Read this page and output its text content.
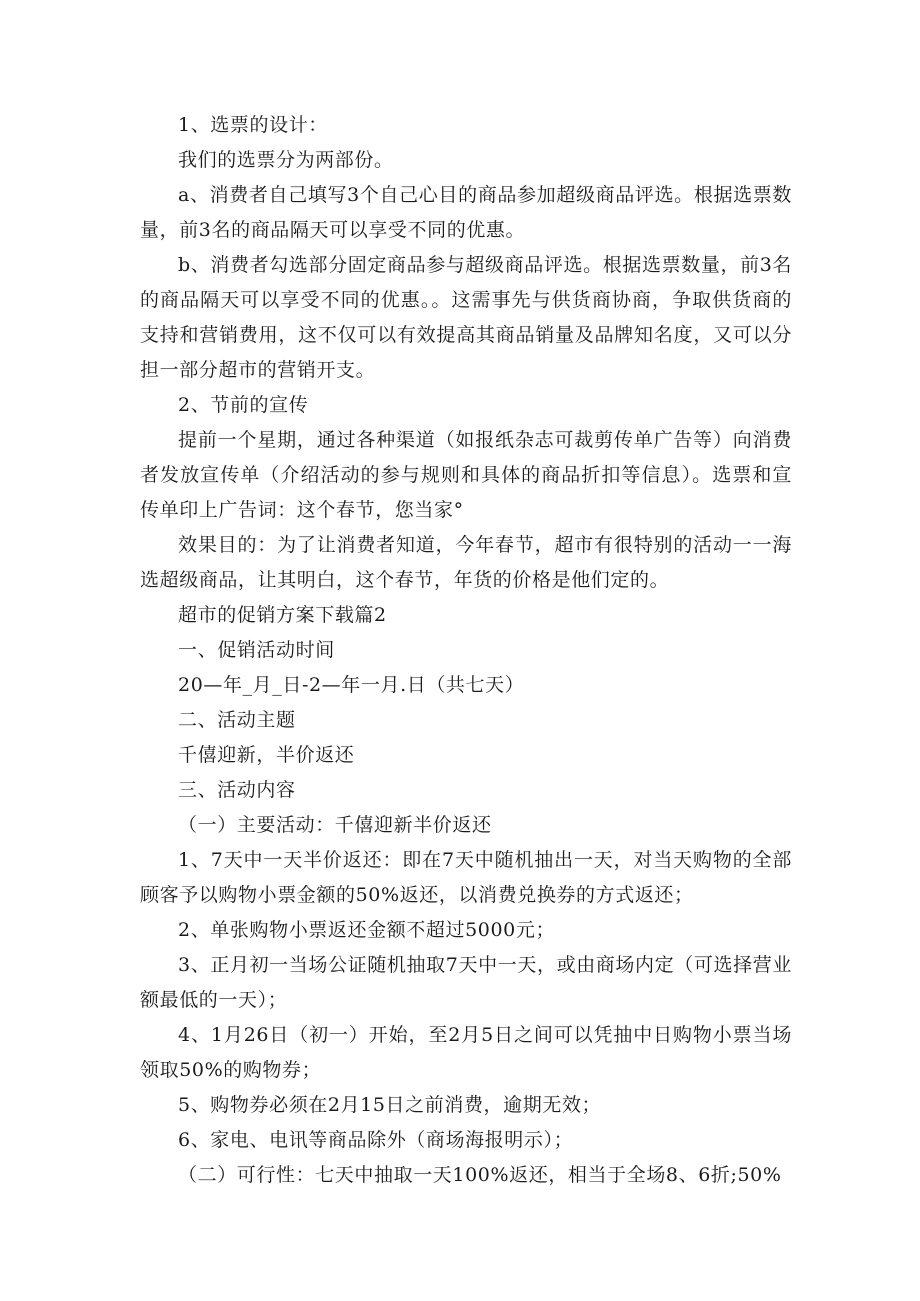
1、选票的设计：

我们的选票分为两部份。

a、消费者自己填写3个自己心目的商品参加超级商品评选。根据选票数量，前3名的商品隔天可以享受不同的优惠。

b、消费者勾选部分固定商品参与超级商品评选。根据选票数量，前3名的商品隔天可以享受不同的优惠。。这需事先与供货商协商，争取供货商的支持和营销费用，这不仅可以有效提高其商品销量及品牌知名度，又可以分担一部分超市的营销开支。

2、节前的宣传

提前一个星期，通过各种渠道（如报纸杂志可裁剪传单广告等）向消费者发放宣传单（介绍活动的参与规则和具体的商品折扣等信息）。选票和宣传单印上广告词：这个春节，您当家°

效果目的：为了让消费者知道，今年春节，超市有很特别的活动一一海选超级商品，让其明白，这个春节，年货的价格是他们定的。

超市的促销方案下载篇2

一、促销活动时间

20—年_月_日-2—年一月.日（共七天）

二、活动主题

千僖迎新，半价返还

三、活动内容

（一）主要活动：千僖迎新半价返还

1、7天中一天半价返还：即在7天中随机抽出一天，对当天购物的全部顾客予以购物小票金额的50%返还，以消费兑换券的方式返还；

2、单张购物小票返还金额不超过5000元；

3、正月初一当场公证随机抽取7天中一天，或由商场内定（可选择营业额最低的一天）；

4、1月26日（初一）开始，至2月5日之间可以凭抽中日购物小票当场领取50%的购物券；

5、购物券必须在2月15日之前消费，逾期无效；

6、家电、电讯等商品除外（商场海报明示）；

（二）可行性：七天中抽取一天100%返还，相当于全场8、6折;50%
